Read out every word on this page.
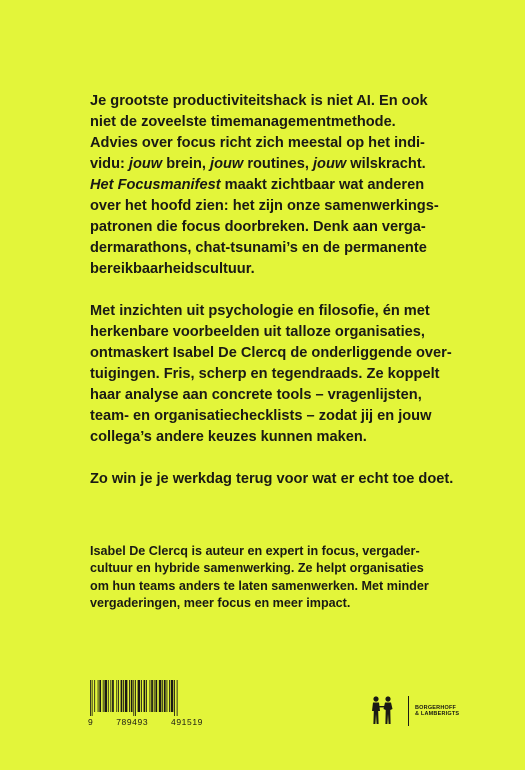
Je grootste productiviteitshack is niet AI. En ook
niet de zoveelste timemanagementmethode.
Advies over focus richt zich meestal op het indi-
vidu: jouw brein, jouw routines, jouw wilskracht.
Het Focusmanifest maakt zichtbaar wat anderen
over het hoofd zien: het zijn onze samenwerkings-
patronen die focus doorbreken. Denk aan verga-
dermarathons, chat-tsunami’s en de permanente
bereikbaarheidscultuur.

Met inzichten uit psychologie en filosofie, én met
herkenbare voorbeelden uit talloze organisaties,
ontmaskert Isabel De Clercq de onderliggende over-
tuigingen. Fris, scherp en tegendraads. Ze koppelt
haar analyse aan concrete tools – vragenlijsten,
team- en organisatiechecklists – zodat jij en jouw
collega’s andere keuzes kunnen maken.

Zo win je je werkdag terug voor wat er echt toe doet.

Isabel De Clercq is auteur en expert in focus, vergader-
cultuur en hybride samenwerking. Ze helpt organisaties
om hun teams anders te laten samenwerken. Met minder
vergaderingen, meer focus en meer impact.
9	789493	491519
BORGERHOFF
& LAMBERIGTS
